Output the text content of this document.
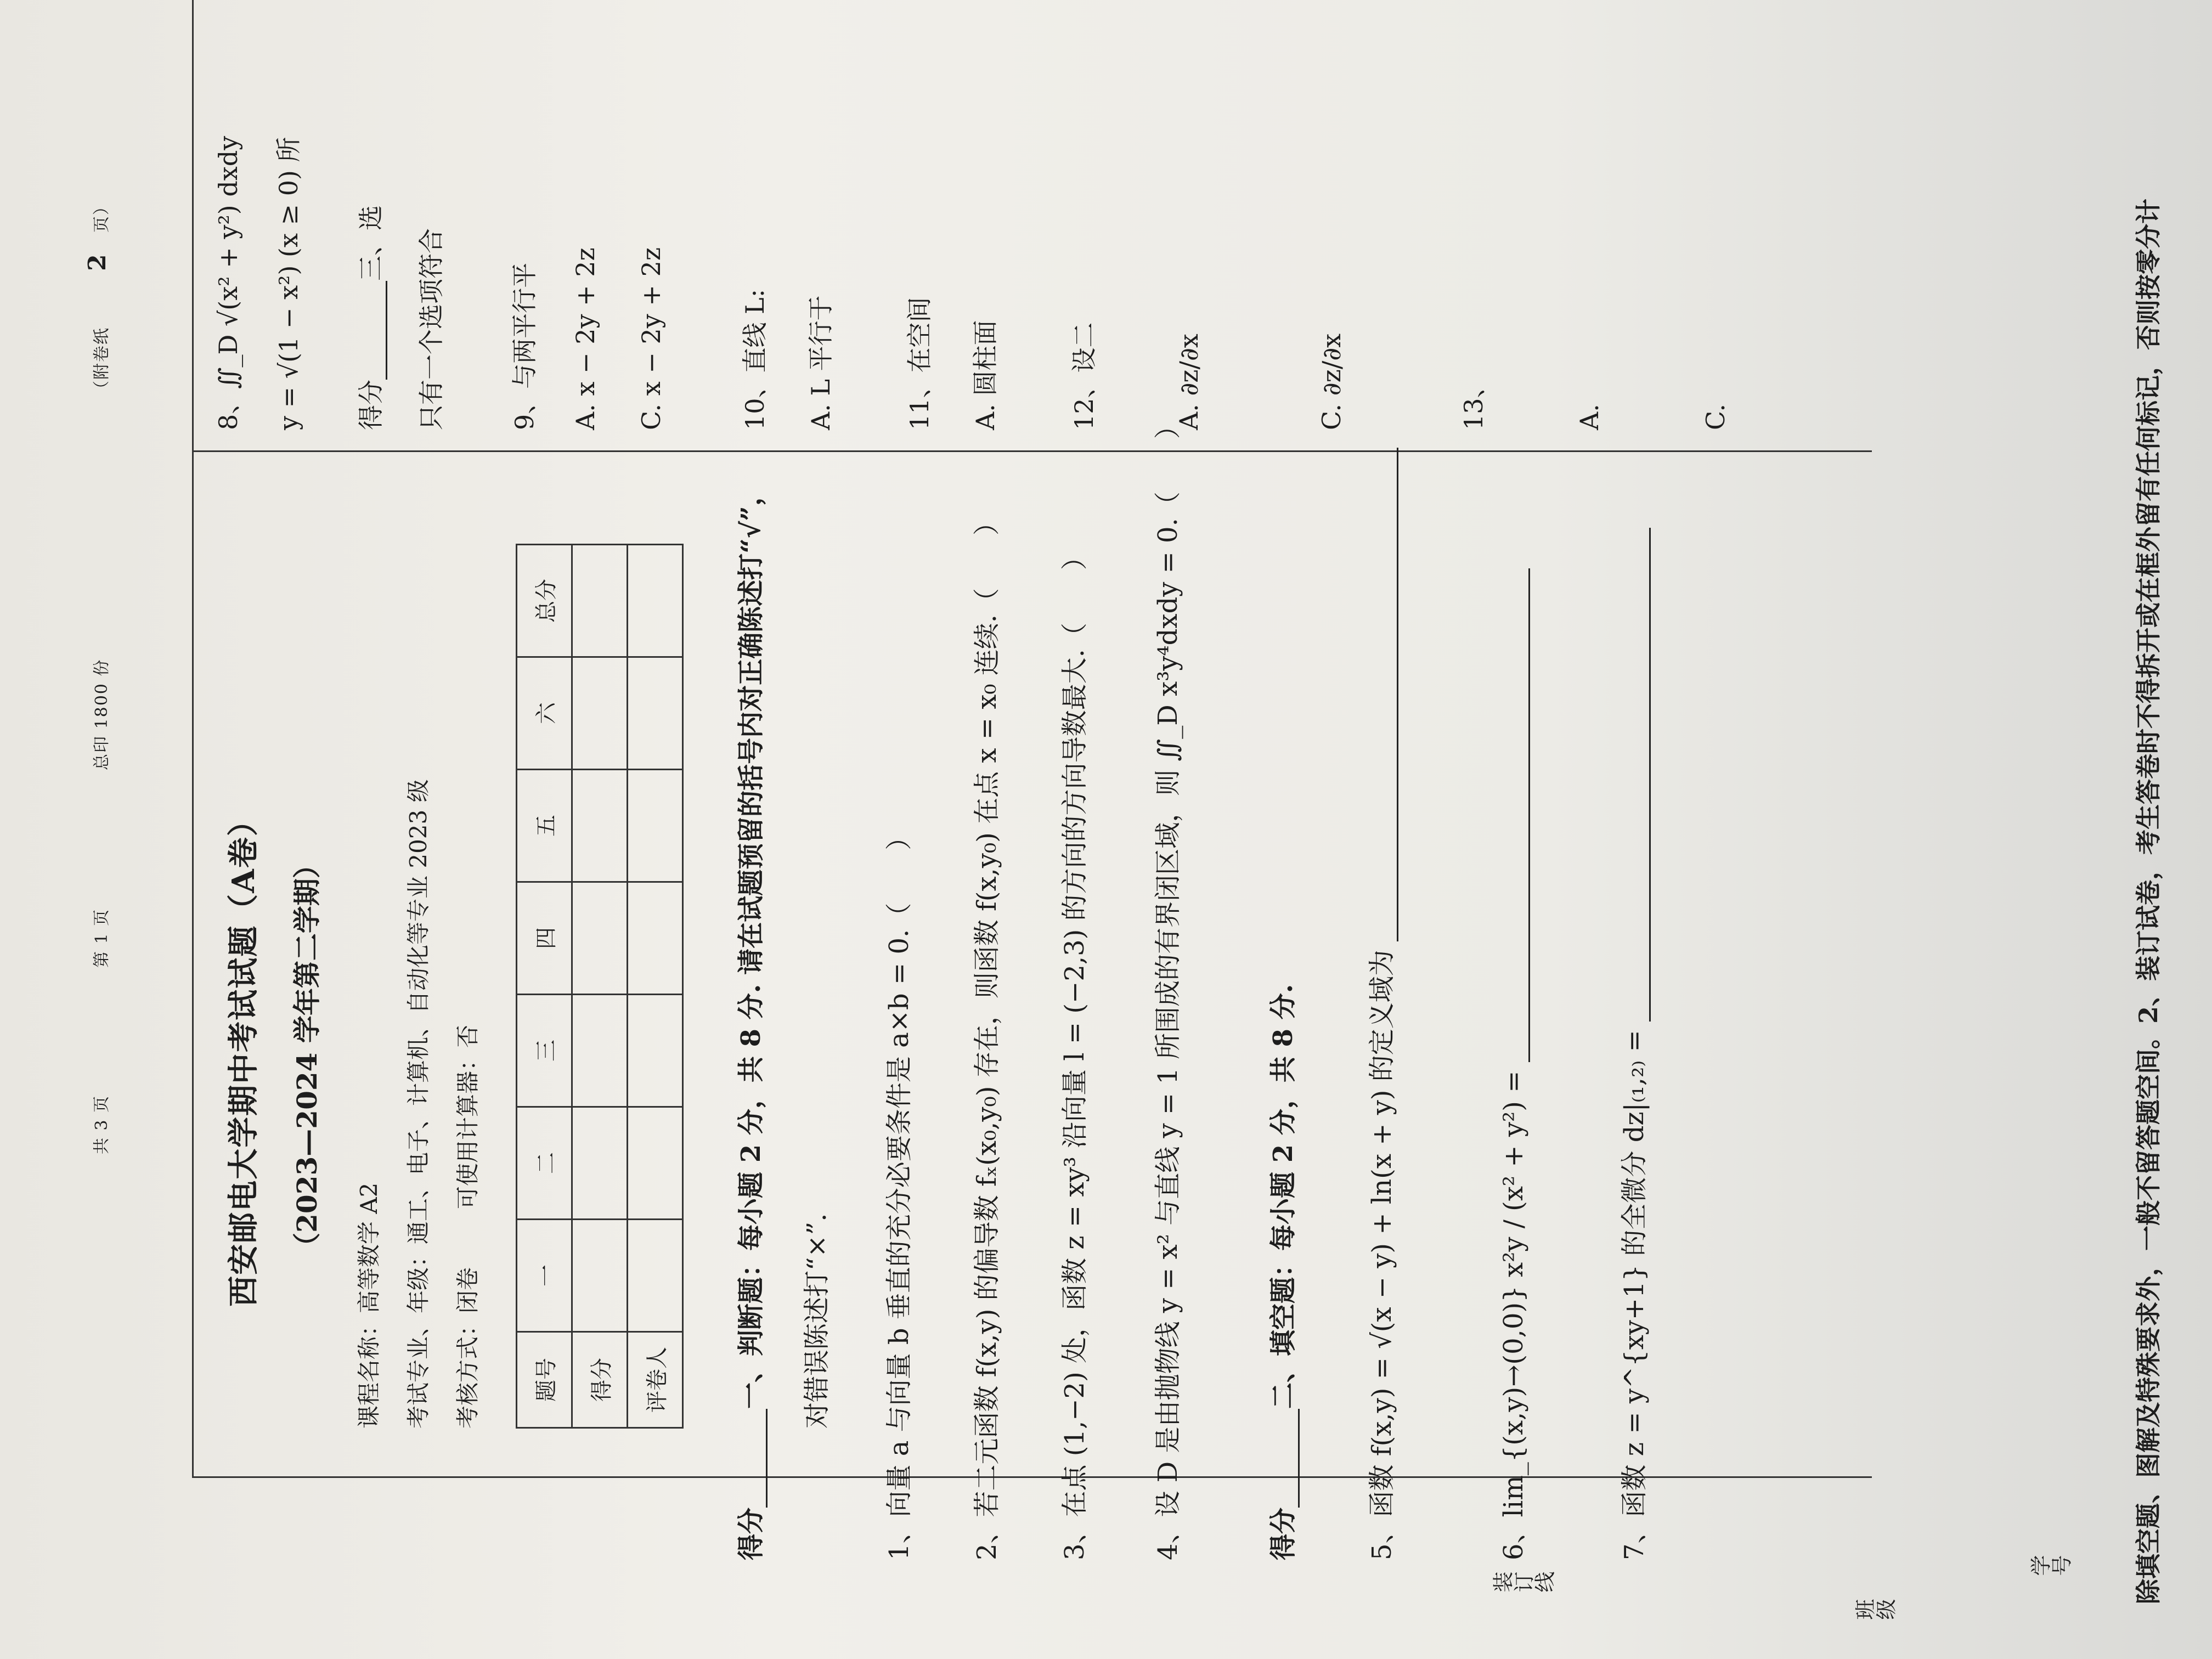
共 3 页
第 1 页
总印 1800 份
（附卷纸
2
页）
装订线
班级
学号
西安邮电大学期中考试试题（A卷） （2023—2024 学年第二学期）
课程名称：高等数学 A2 考试专业、年级：通工、电子、计算机、自动化等专业 2023 级 考核方式：闭卷
可使用计算器：否
题号	一	二	三	四	五	六	总分
得分							
评卷人							
得分一、判断题：每小题 2 分，共 8 分. 请在试题预留的括号内对正确陈述打“√”， 对错误陈述打“×”. 1、向量 a 与向量 b 垂直的充分必要条件是 a×b = 0.（　　） 2、若二元函数 f(x,y) 的偏导数 fₓ(x₀,y₀) 存在，则函数 f(x,y₀) 在点 x = x₀ 连续.（　　） 3、在点 (1,−2) 处，函数 z = xy³ 沿向量 l = (−2,3) 的方向的方向导数最大.（　　） 4、设 D 是由抛物线 y = x² 与直线 y = 1 所围成的有界闭区域，则 ∬_D x³y⁴dxdy = 0.（　　）	得分二、填空题：每小题 2 分，共 8 分.	5、函数 f(x,y) = √(x − y) + ln(x + y) 的定义域为	6、lim_{(x,y)→(0,0)} x²y / (x² + y²) =	7、函数 z = y^{xy+1} 的全微分 dz|₍₁,₂₎ =

8、∬_D √(x² + y²) dxdy y = √(1 − x²) (x ≥ 0) 所 得分三、选 只有一个选项符合	9、与两平行平 A. x − 2y + 2z C. x − 2y + 2z	10、直线 L: A. L 平行于	11、在空间 A. 圆柱面	12、设二	A. ∂z/∂x	C. ∂z/∂x	13、	A.	C.	除填空题、图解及特殊要求外，一般不留答题空间。2、装订试卷，考生答卷时不得拆开或在框外留有任何标记，否则按零分计
